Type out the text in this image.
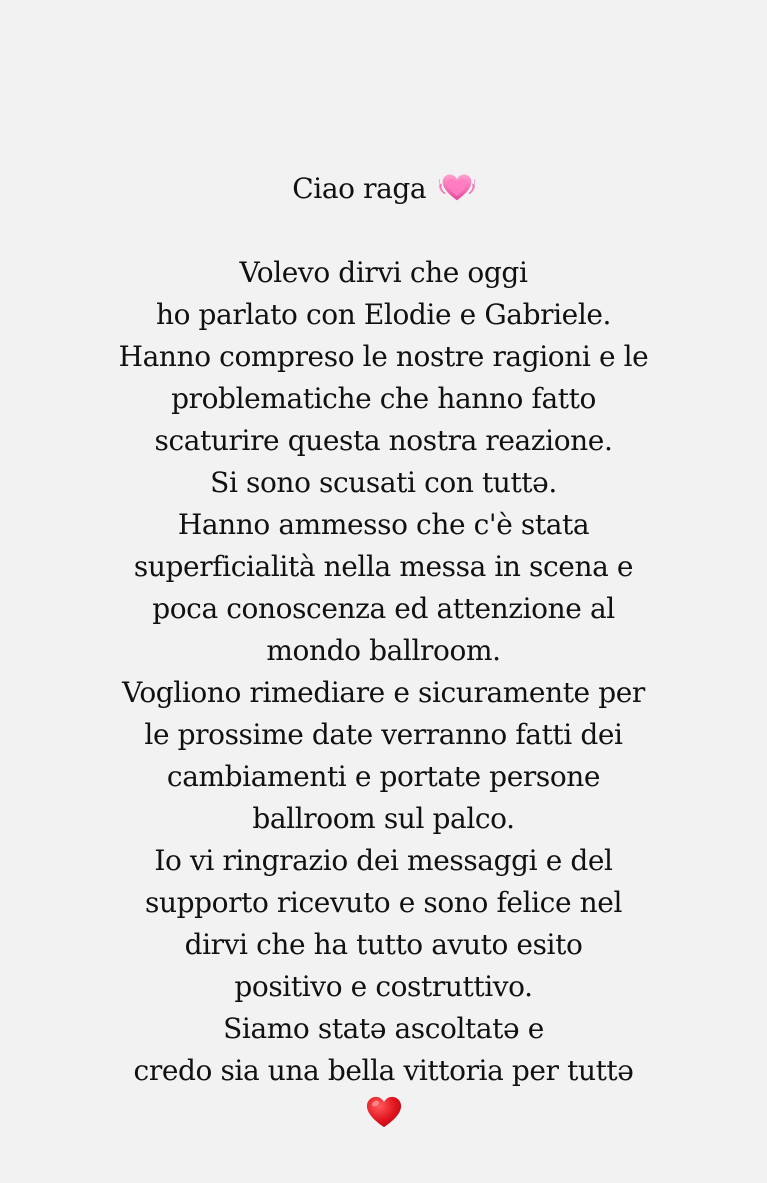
Ciao raga
Volevo dirvi che oggi
ho parlato con Elodie e Gabriele.
Hanno compreso le nostre ragioni e le
problematiche che hanno fatto
scaturire questa nostra reazione.
Si sono scusati con tuttə.
Hanno ammesso che c'è stata
superficialità nella messa in scena e
poca conoscenza ed attenzione al
mondo ballroom.
Vogliono rimediare e sicuramente per
le prossime date verranno fatti dei
cambiamenti e portate persone
ballroom sul palco.
Io vi ringrazio dei messaggi e del
supporto ricevuto e sono felice nel
dirvi che ha tutto avuto esito
positivo e costruttivo.
Siamo statə ascoltatə e
credo sia una bella vittoria per tuttə
